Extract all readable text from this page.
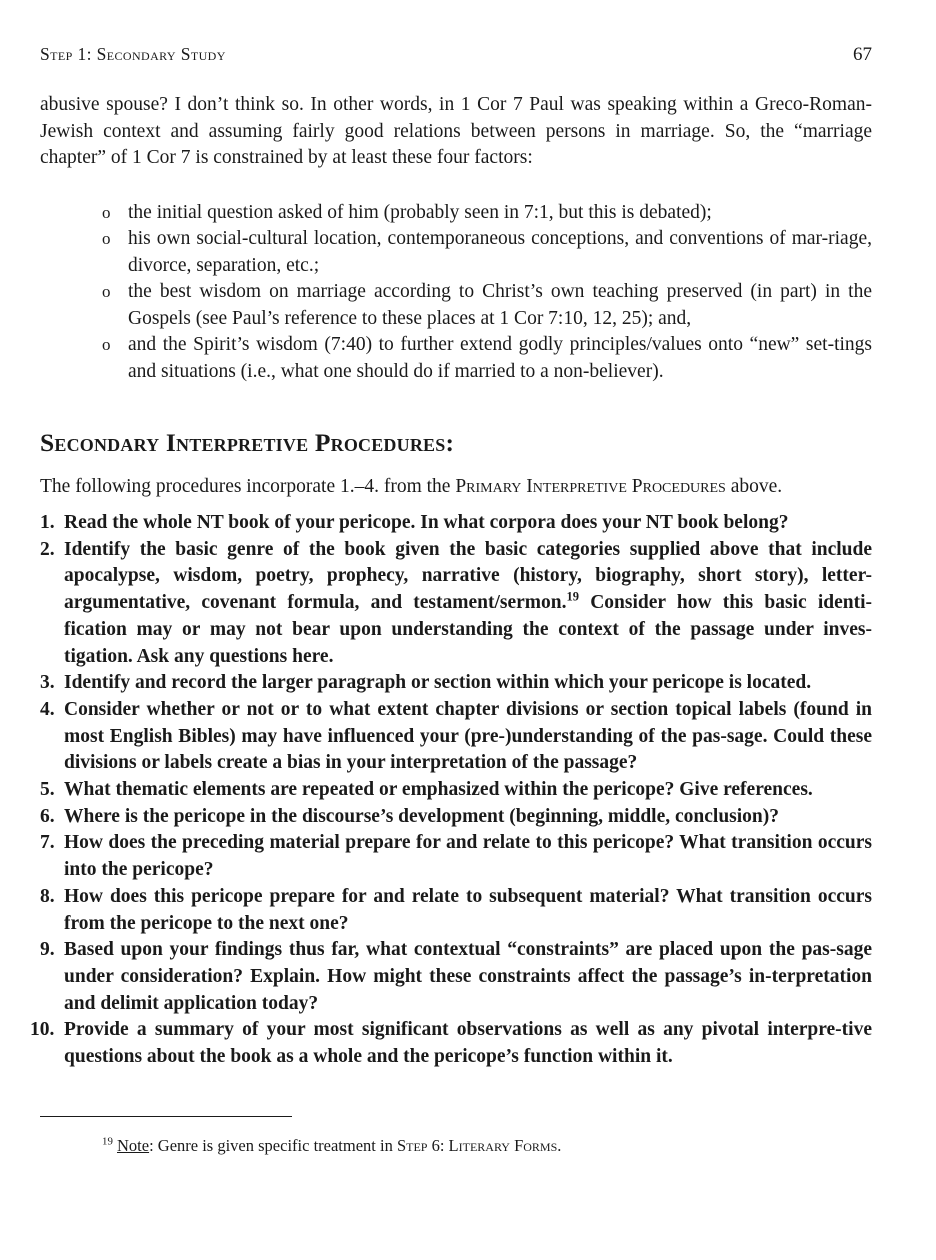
Step 1: Secondary Study	67

abusive spouse? I don’t think so. In other words, in 1 Cor 7 Paul was speaking within a Greco-Roman-Jewish context and assuming fairly good relations between persons in marriage. So, the “marriage chapter” of 1 Cor 7 is constrained by at least these four factors:

o the initial question asked of him (probably seen in 7:1, but this is debated);
o his own social-cultural location, contemporaneous conceptions, and conventions of mar-riage, divorce, separation, etc.;
o the best wisdom on marriage according to Christ’s own teaching preserved (in part) in the Gospels (see Paul’s reference to these places at 1 Cor 7:10, 12, 25); and,
o and the Spirit’s wisdom (7:40) to further extend godly principles/values onto “new” set-tings and situations (i.e., what one should do if married to a non-believer).
Secondary Interpretive Procedures:

The following procedures incorporate 1.–4. from the Primary Interpretive Procedures above.

1. Read the whole NT book of your pericope. In what corpora does your NT book belong?
2. Identify the basic genre of the book given the basic categories supplied above that include apocalypse, wisdom, poetry, prophecy, narrative (history, biography, short story), letter-argumentative, covenant formula, and testament/sermon.$^{19}$ Consider how this basic identi-fication may or may not bear upon understanding the context of the passage under inves-tigation. Ask any questions here.
3. Identify and record the larger paragraph or section within which your pericope is located.
4. Consider whether or not or to what extent chapter divisions or section topical labels (found in most English Bibles) may have influenced your (pre-)understanding of the pas-sage. Could these divisions or labels create a bias in your interpretation of the passage?
5. What thematic elements are repeated or emphasized within the pericope? Give references.
6. Where is the pericope in the discourse’s development (beginning, middle, conclusion)?
7. How does the preceding material prepare for and relate to this pericope? What transition occurs into the pericope?
8. How does this pericope prepare for and relate to subsequent material? What transition occurs from the pericope to the next one?
9. Based upon your findings thus far, what contextual “constraints” are placed upon the pas-sage under consideration? Explain. How might these constraints affect the passage’s in-terpretation and delimit application today?
10. Provide a summary of your most significant observations as well as any pivotal interpre-tive questions about the book as a whole and the pericope’s function within it.

$^{19}$ Note: Genre is given specific treatment in Step 6: Literary Forms.
